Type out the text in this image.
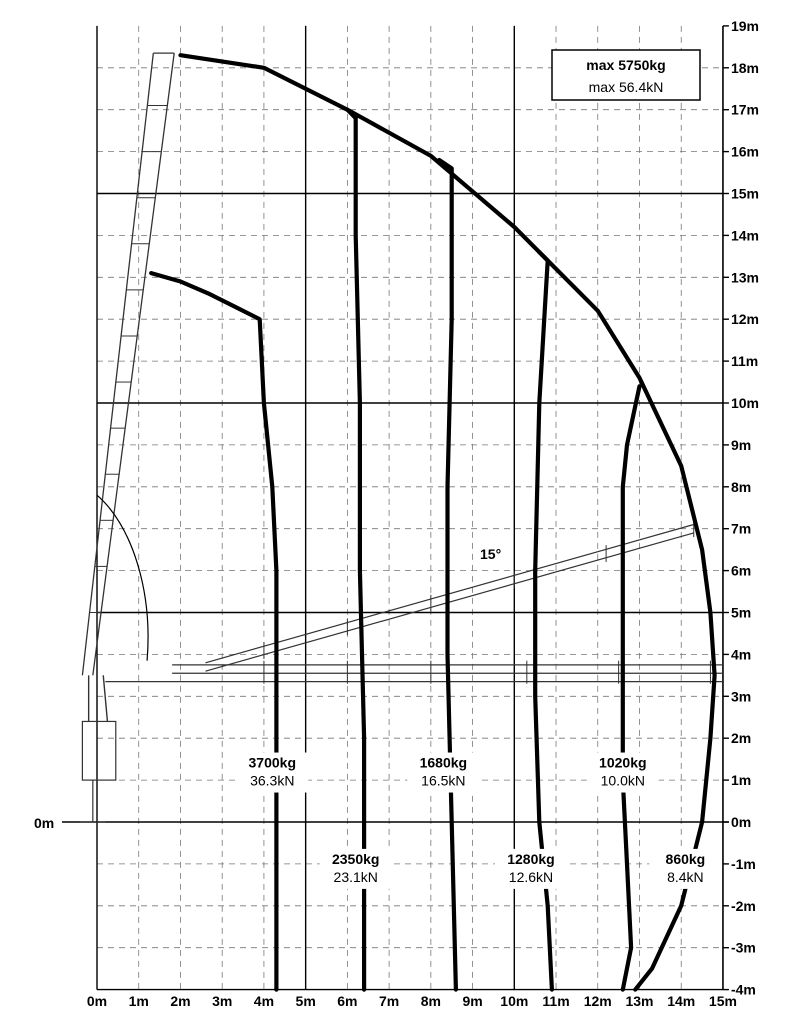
0m 1m 2m 3m 4m 5m 6m 7m 8m 9m 10m 11m 12m 13m 14m 15m
-4m
-3m
-2m
-1m
0m
1m
2m
3m
4m
5m
6m
7m
8m
9m
10m
11m
12m
13m
14m
15m
16m
17m
18m
19m
3700kg
36.3kN
2350kg
23.1kN
1680kg
16.5kN
1280kg
12.6kN
1020kg
10.0kN
860kg
8.4kN
0m
max 5750kg
max 56.4kN
15°
